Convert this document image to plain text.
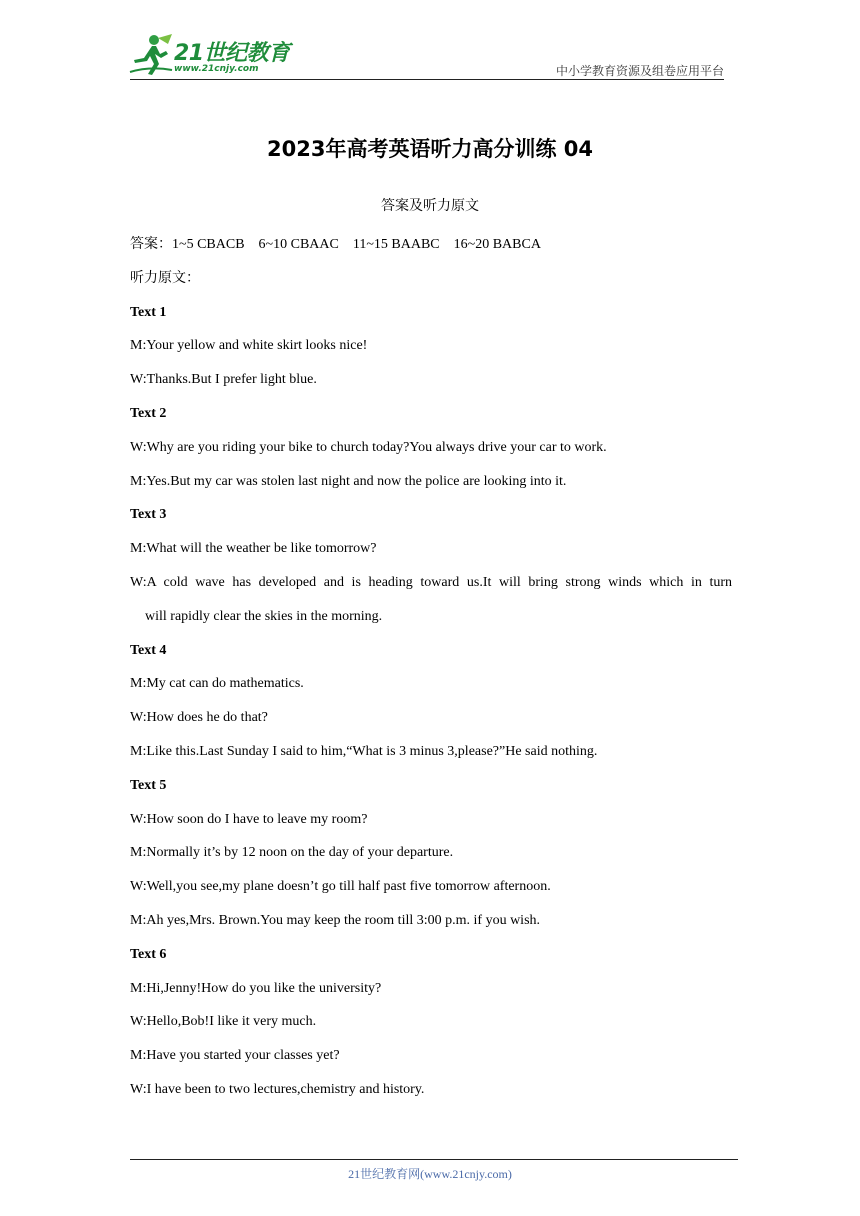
21世纪教育
www.21cnjy.com	中小学教育资源及组卷应用平台
2023年高考英语听力高分训练 04
答案及听力原文
答案：1~5 CBACB    6~10 CBAAC    11~15 BAABC    16~20 BABCA
听力原文：
Text 1
M:Your yellow and white skirt looks nice!
W:Thanks.But I prefer light blue.
Text 2
W:Why are you riding your bike to church today?You always drive your car to work.
M:Yes.But my car was stolen last night and now the police are looking into it.
Text 3
M:What will the weather be like tomorrow?
W:A cold wave has developed and is heading toward us.It will bring strong winds which in turn
will rapidly clear the skies in the morning.
Text 4
M:My cat can do mathematics.
W:How does he do that?
M:Like this.Last Sunday I said to him,“What is 3 minus 3,please?”He said nothing.
Text 5
W:How soon do I have to leave my room?
M:Normally it’s by 12 noon on the day of your departure.
W:Well,you see,my plane doesn’t go till half past five tomorrow afternoon.
M:Ah yes,Mrs. Brown.You may keep the room till 3:00 p.m. if you wish.
Text 6
M:Hi,Jenny!How do you like the university?
W:Hello,Bob!I like it very much.
M:Have you started your classes yet?
W:I have been to two lectures,chemistry and history.
21世纪教育网(www.21cnjy.com)
